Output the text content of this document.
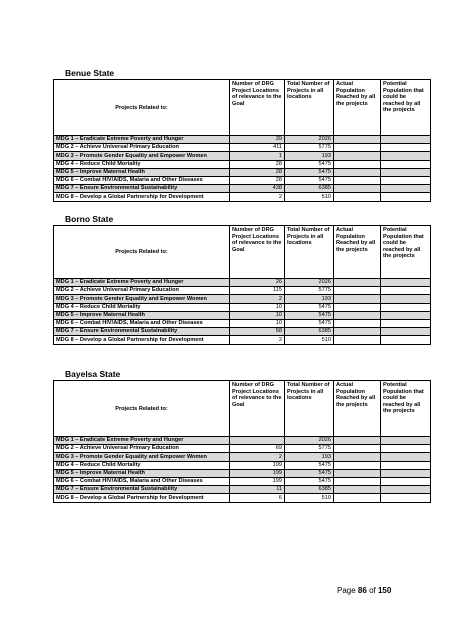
Benue State
Projects Related to:	Number of DRG Project Locations of relevance to the Goal	Total Number of Projects in all locations	Actual Population Reached by all the projects	Potential Population that could be reached by all the projects
MDG 1 – Eradicate Extreme Poverty and Hunger	39	2026		
MDG 2 – Achieve Universal Primary Education	411	5775		
MDG 3 – Promote Gender Equality and Empower Women	1	193		
MDG 4 – Reduce Child Mortality	28	5475		
MDG 5 – Improve Maternal Health	28	5475		
MDG 6 – Combat HIV/AIDS, Malaria and Other Diseases	28	5475		
MDG 7 – Ensure Environmental Sustainability	438	6385		
MDG 8 – Develop a Global Partnership for Development	2	510		
Borno State
Projects Related to:	Number of DRG Project Locations of relevance to the Goal	Total Number of Projects in all locations	Actual Population Reached by all the projects	Potential Population that could be reached by all the projects
MDG 1 – Eradicate Extreme Poverty and Hunger	26	2026		
MDG 2 – Achieve Universal Primary Education	115	5775		
MDG 3 – Promote Gender Equality and Empower Women	2	193		
MDG 4 – Reduce Child Mortality	10	5475		
MDG 5 – Improve Maternal Health	10	5475		
MDG 6 – Combat HIV/AIDS, Malaria and Other Diseases	10	5475		
MDG 7 – Ensure Environmental Sustainability	58	6385		
MDG 8 – Develop a Global Partnership for Development	2	510		
Bayelsa State
Projects Related to:	Number of DRG Project Locations of relevance to the Goal	Total Number of Projects in all locations	Actual Population Reached by all the projects	Potential Population that could be reached by all the projects
MDG 1 – Eradicate Extreme Poverty and Hunger		2026		
MDG 2 – Achieve Universal Primary Education	69	5775		
MDG 3 – Promote Gender Equality and Empower Women	2	193		
MDG 4 – Reduce Child Mortality	199	5475		
MDG 5 – Improve Maternal Health	199	5475		
MDG 6 – Combat HIV/AIDS, Malaria and Other Diseases	199	5475		
MDG 7 – Ensure Environmental Sustainability	11	6385		
MDG 8 – Develop a Global Partnership for Development	6	510		
Page 86 of 150
